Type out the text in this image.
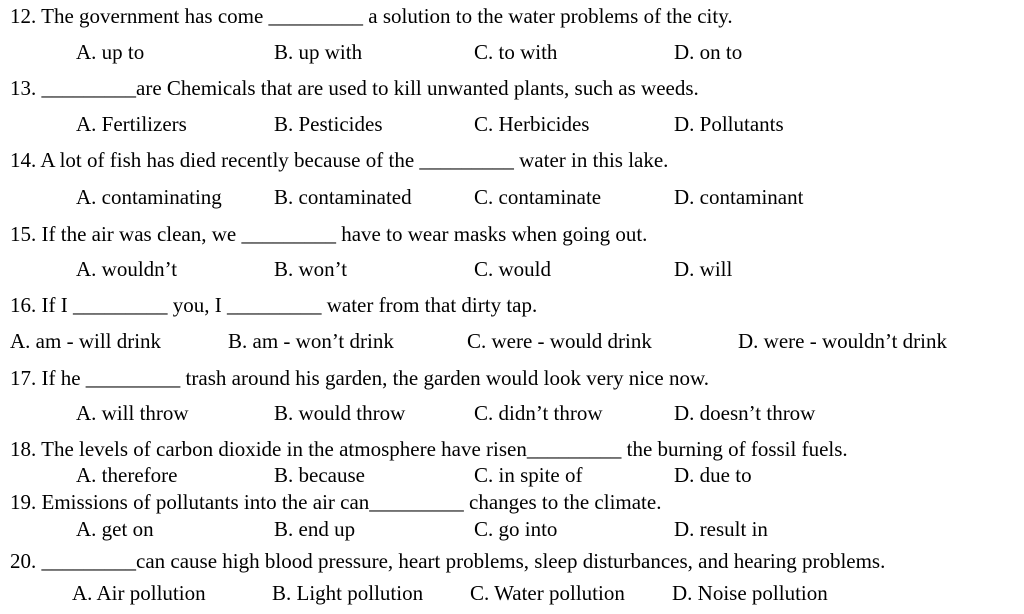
12. The government has come _________ a solution to the water problems of the city.
A. up to	B. up with	C. to with	D. on to
13. _________are Chemicals that are used to kill unwanted plants, such as weeds.
A. Fertilizers	B. Pesticides	C. Herbicides	D. Pollutants
14. A lot of fish has died recently because of the _________ water in this lake.
A. contaminating B. contaminated	C. contaminate	D. contaminant
15. If the air was clean, we _________ have to wear masks when going out.
A. wouldn’t	B. won’t	C. would	D. will
16. If I _________ you, I _________ water from that dirty tap.
A. am - will drink	B. am - won’t drink	C. were - would drink	D. were - wouldn’t drink
17. If he _________ trash around his garden, the garden would look very nice now.
A. will throw	B. would throw	C. didn’t throw	D. doesn’t throw
18. The levels of carbon dioxide in the atmosphere have risen_________ the burning of fossil fuels.
A. therefore	B. because	C. in spite of	D. due to
19. Emissions of pollutants into the air can_________ changes to the climate.
A. get on	B. end up	C. go into	D. result in
20. _________can cause high blood pressure, heart problems, sleep disturbances, and hearing problems.
A. Air pollution	B. Light pollution C. Water pollution D. Noise pollution
